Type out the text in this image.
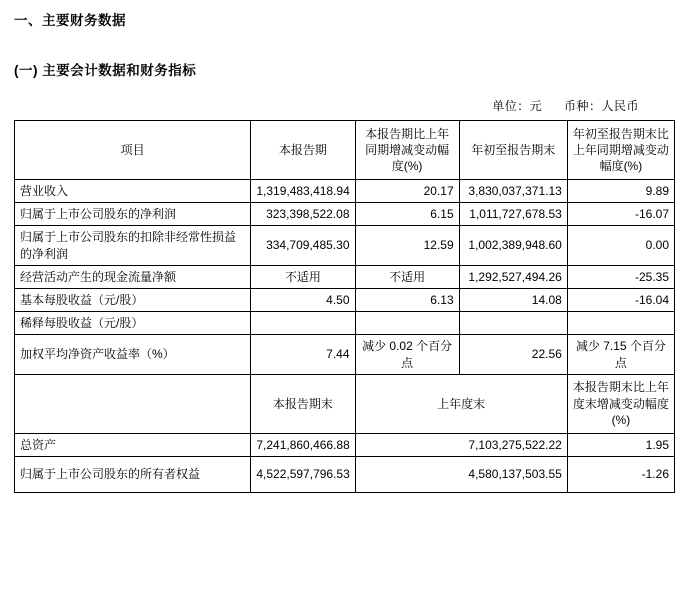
一、主要财务数据
(一) 主要会计数据和财务指标
单位：元 币种：人民币
项目	本报告期	本报告期比上年同期增减变动幅度(%)	年初至报告期末	年初至报告期末比上年同期增减变动幅度(%)
营业收入	1,319,483,418.94	20.17	3,830,037,371.13	9.89
归属于上市公司股东的净利润	323,398,522.08	6.15	1,011,727,678.53	-16.07
归属于上市公司股东的扣除非经常性损益的净利润	334,709,485.30	12.59	1,002,389,948.60	0.00
经营活动产生的现金流量净额	不适用	不适用	1,292,527,494.26	-25.35
基本每股收益（元/股）	4.50	6.13	14.08	-16.04
稀释每股收益（元/股）				
加权平均净资产收益率（%）	7.44	减少 0.02 个百分点	22.56	减少 7.15 个百分点
	本报告期末	上年度末		本报告期末比上年度末增减变动幅度(%)
总资产	7,241,860,466.88	7,103,275,522.22		1.95
归属于上市公司股东的所有者权益	4,522,597,796.53	4,580,137,503.55		-1.26
